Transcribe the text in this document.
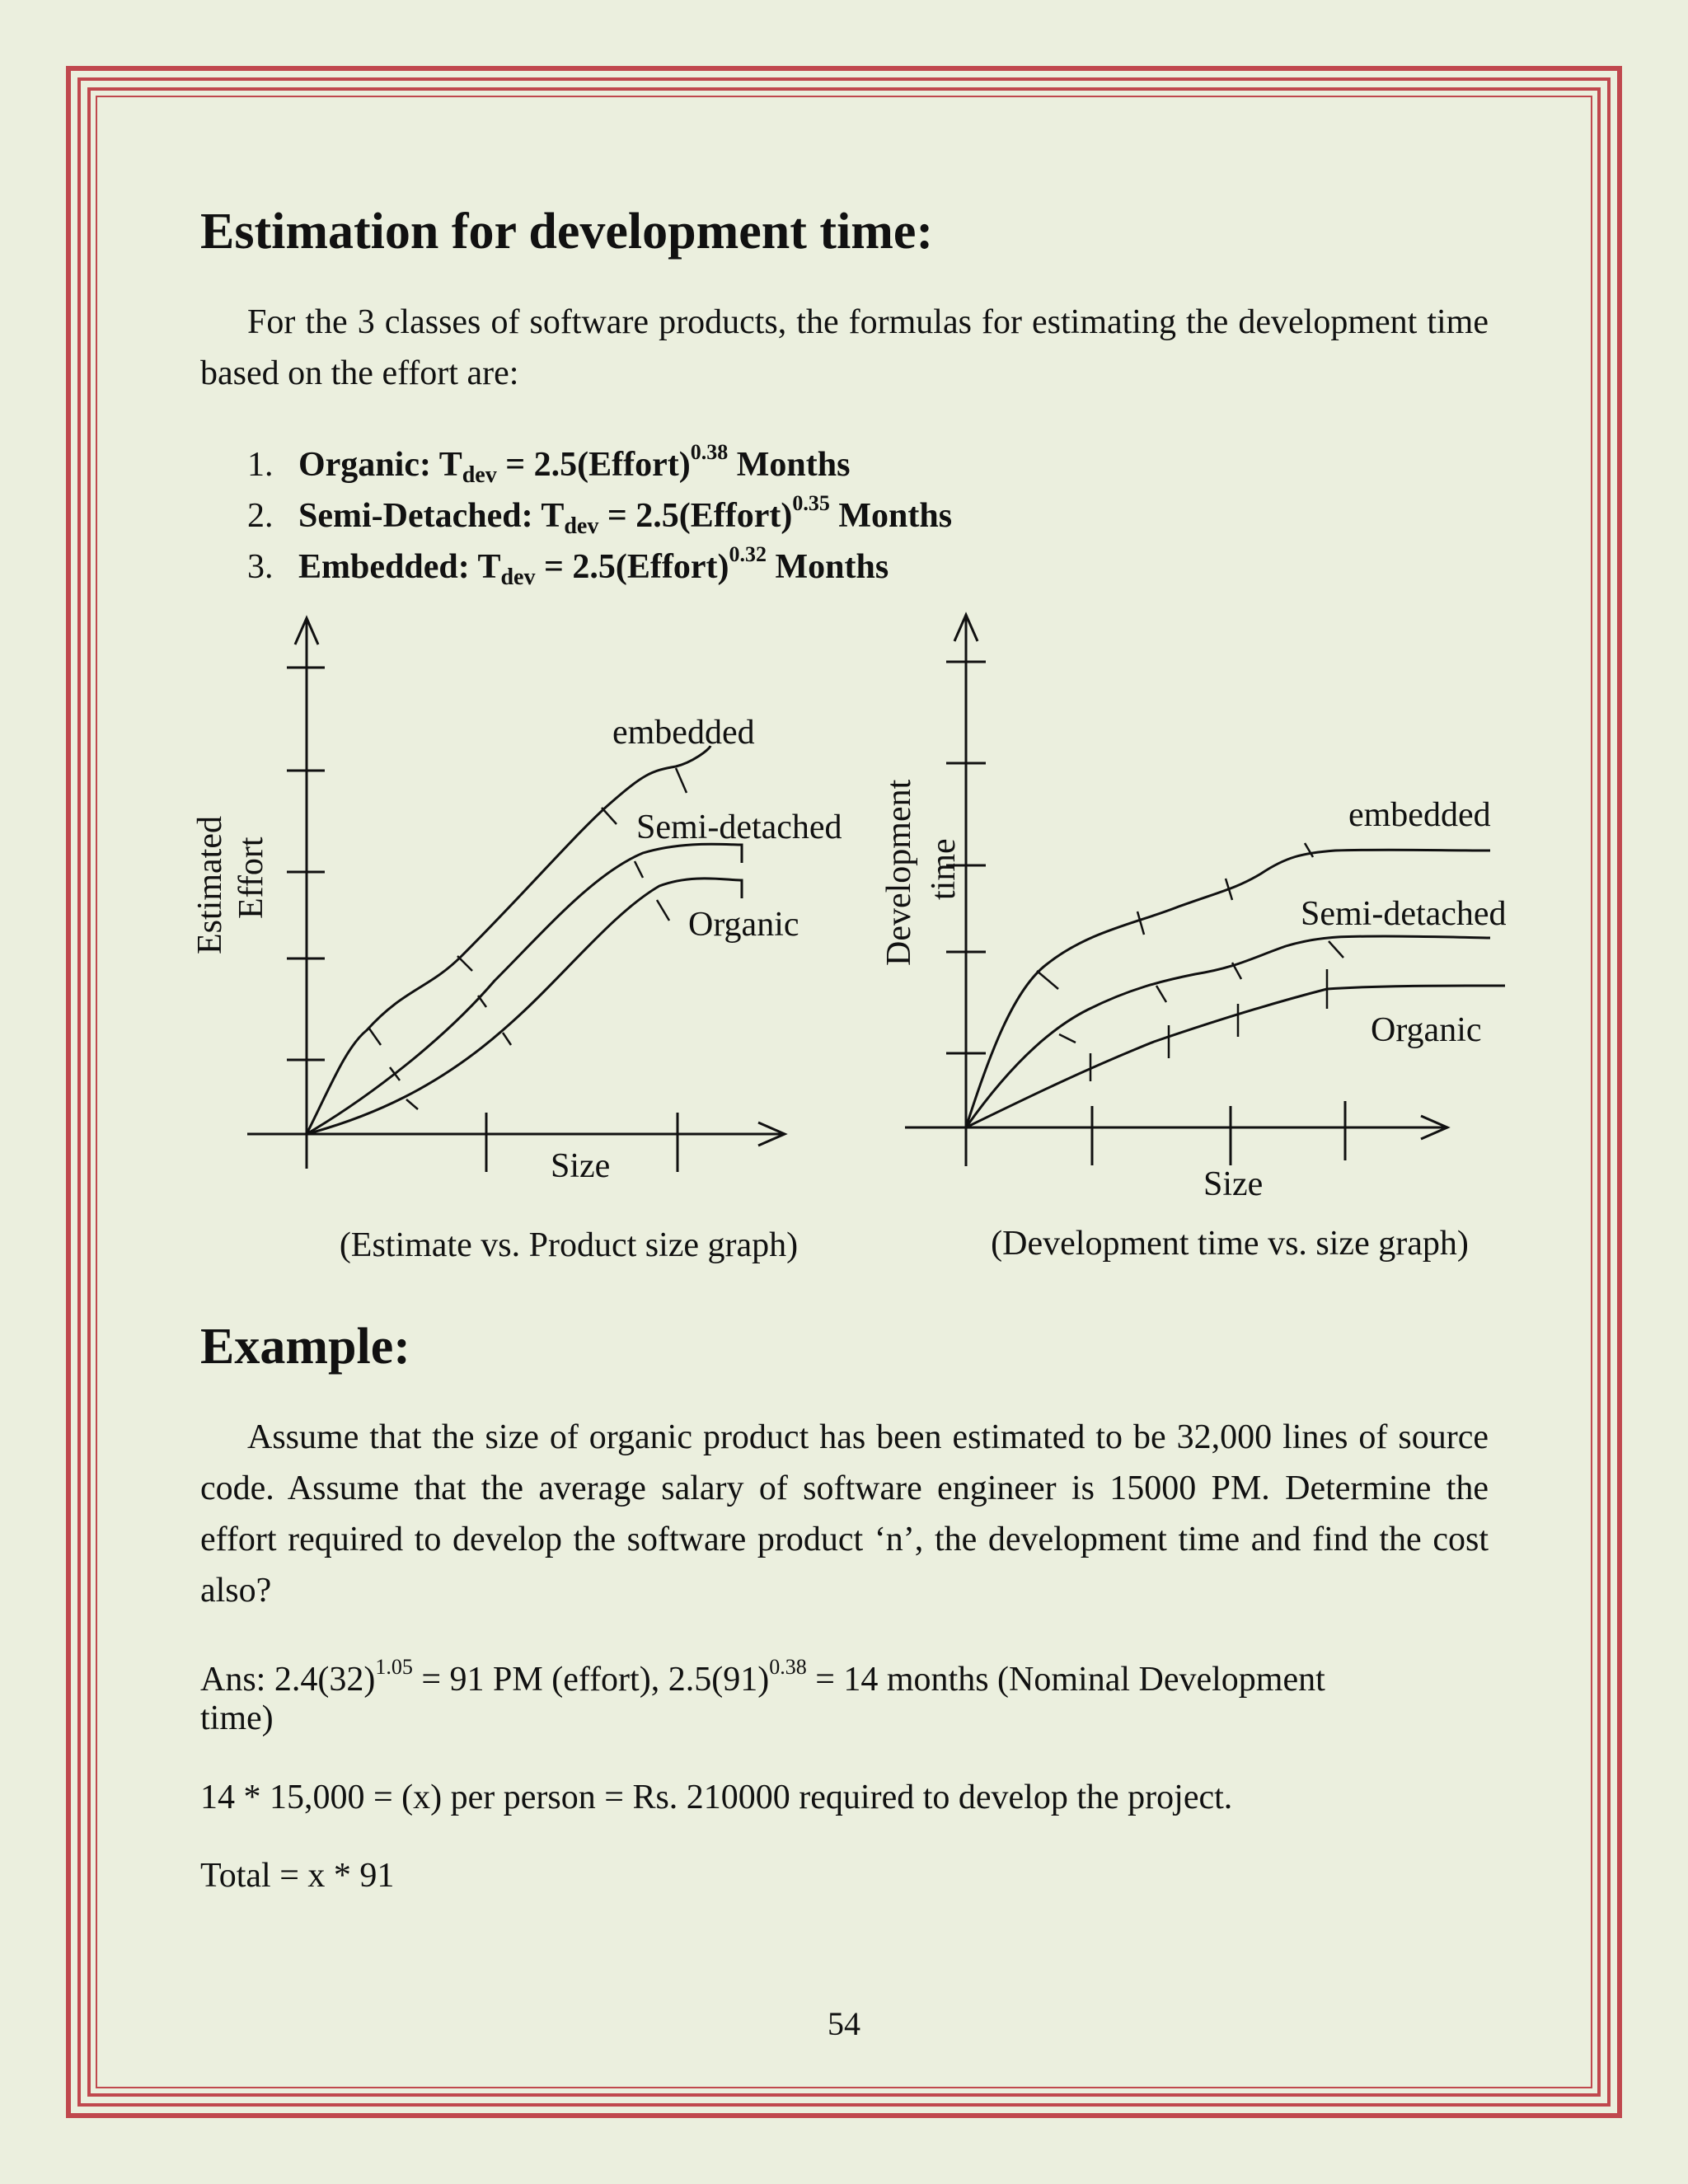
Estimation for development time:
For the 3 classes of software products, the formulas for estimating the development time based on the effort are:
1. Organic: $T_{dev}$ = 2.5(Effort)$^{0.38}$ Months
2. Semi-Detached: $T_{dev}$ = 2.5(Effort)$^{0.35}$ Months
3. Embedded: $T_{dev}$ = 2.5(Effort)$^{0.32}$ Months
embedded
Semi-detached
Organic
Size
Estimated Effort
(Estimate vs. Product size graph)
embedded
Semi-detached
Organic
Size
Development time
(Development time vs. size graph)
Example:
Assume that the size of organic product has been estimated to be 32,000 lines of source code. Assume that the average salary of software engineer is 15000 PM. Determine the effort required to develop the software product ‘n’, the development time and find the cost also?
Ans: $2.4(32)^{1.05} = 91$ PM (effort), $2.5(91)^{0.38} = 14$ months (Nominal Development
time)
14 * 15,000 = (x) per person = Rs. 210000 required to develop the project.
Total = x * 91
54
